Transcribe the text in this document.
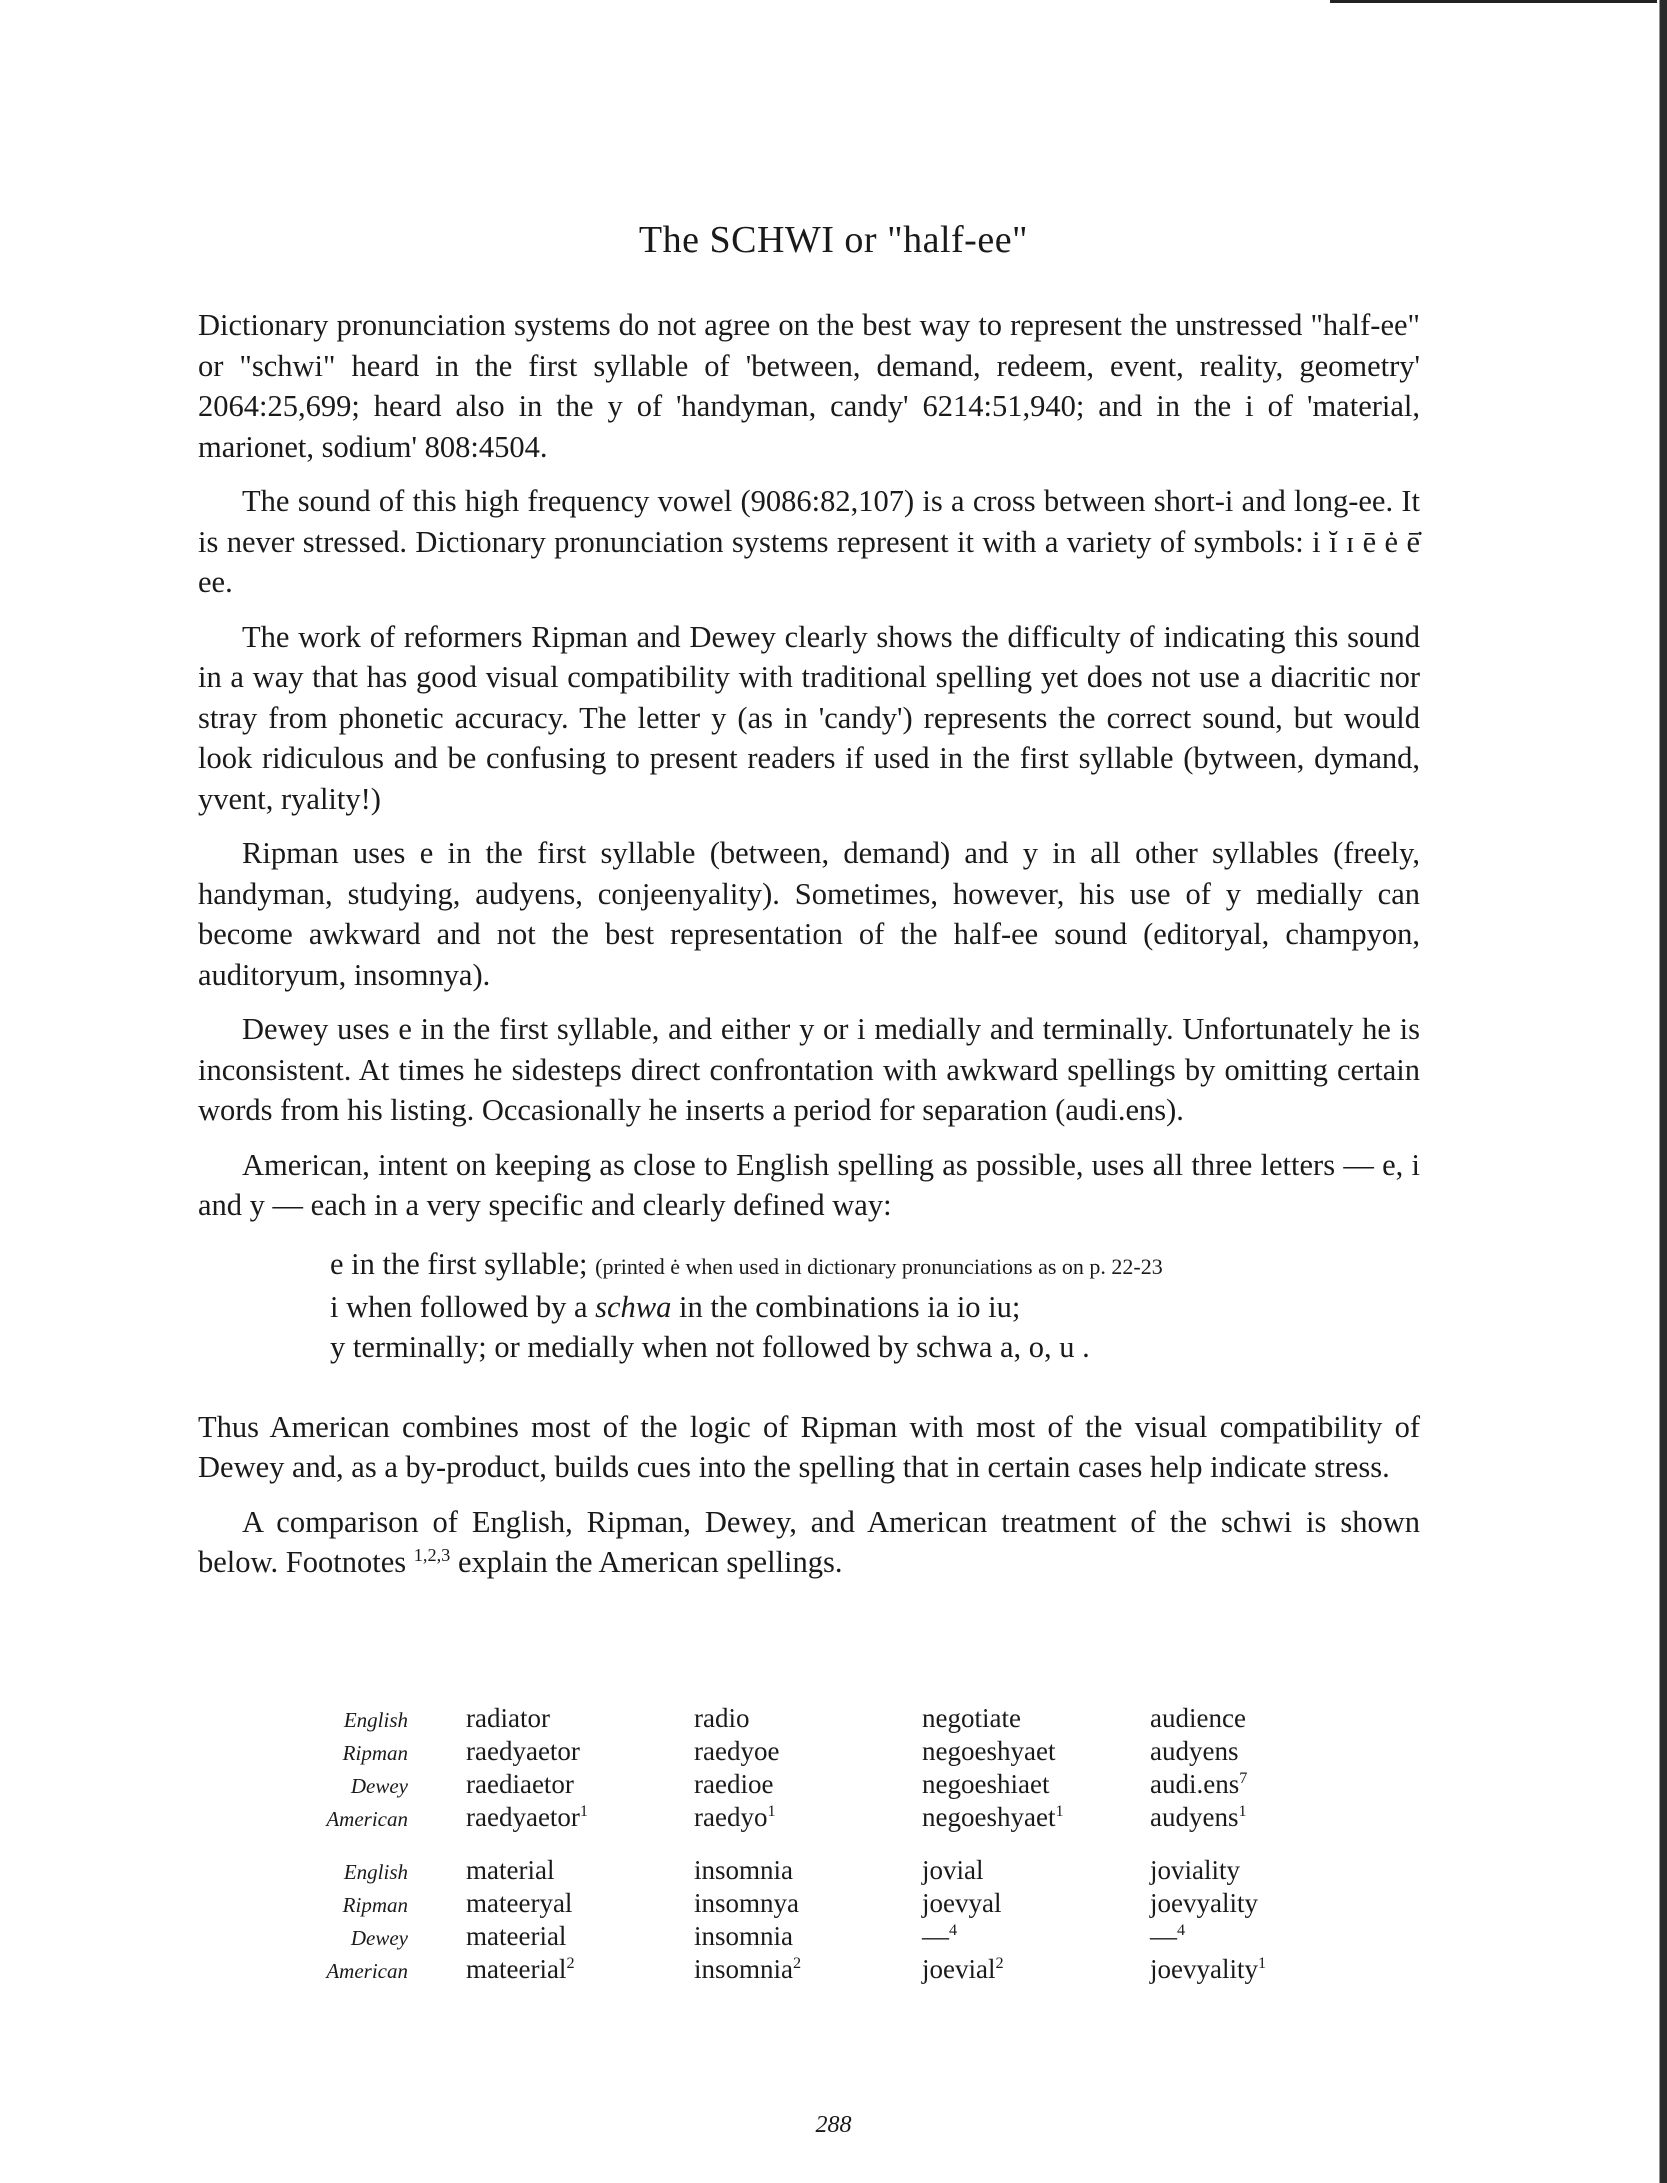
The SCHWI or "half-ee"

Dictionary pronunciation systems do not agree on the best way to represent the unstressed "half-ee" or "schwi" heard in the first syllable of 'between, demand, redeem, event, reality, geometry' 2064:25,699; heard also in the y of 'handyman, candy' 6214:51,940; and in the i of 'material, marionet, sodium' 808:4504.

The sound of this high frequency vowel (9086:82,107) is a cross between short-i and long-ee. It is never stressed. Dictionary pronunciation systems represent it with a variety of symbols: i ĭ ɪ ē ė ē̇ ee.

The work of reformers Ripman and Dewey clearly shows the difficulty of indicating this sound in a way that has good visual compatibility with traditional spelling yet does not use a diacritic nor stray from phonetic accuracy. The letter y (as in 'candy') represents the correct sound, but would look ridiculous and be confusing to present readers if used in the first syllable (bytween, dymand, yvent, ryality!)

Ripman uses e in the first syllable (between, demand) and y in all other syllables (freely, handyman, studying, audyens, conjeenyality). Sometimes, however, his use of y medially can become awkward and not the best representation of the half-ee sound (editoryal, champyon, auditoryum, insomnya).

Dewey uses e in the first syllable, and either y or i medially and terminally. Unfortunately he is inconsistent. At times he sidesteps direct confrontation with awkward spellings by omitting certain words from his listing. Occasionally he inserts a period for separation (audi.ens).

American, intent on keeping as close to English spelling as possible, uses all three letters — e, i and y — each in a very specific and clearly defined way:

e in the first syllable; (printed ė when used in dictionary pronunciations as on p. 22-23
i when followed by a schwa in the combinations ia io iu;
y terminally; or medially when not followed by schwa a, o, u .

Thus American combines most of the logic of Ripman with most of the visual compatibility of Dewey and, as a by-product, builds cues into the spelling that in certain cases help indicate stress.

A comparison of English, Ripman, Dewey, and American treatment of the schwi is shown below. Footnotes $^{1,2,3}$ explain the American spellings.

English	radiator	radio	negotiate	audience
Ripman	raedyaetor	raedyoe	negoeshyaet	audyens
Dewey	raediaetor	raedioe	negoeshiaet	audi.ens$^7$
American	raedyaetor$^1$	raedyo$^1$	negoeshyaet$^1$	audyens$^1$

English	material	insomnia	jovial	joviality
Ripman	mateeryal	insomnya	joevyal	joevyality
Dewey	mateerial	insomnia	—$^4$	—$^4$
American	mateerial$^2$	insomnia$^2$	joevial$^2$	joevyality$^1$
288
